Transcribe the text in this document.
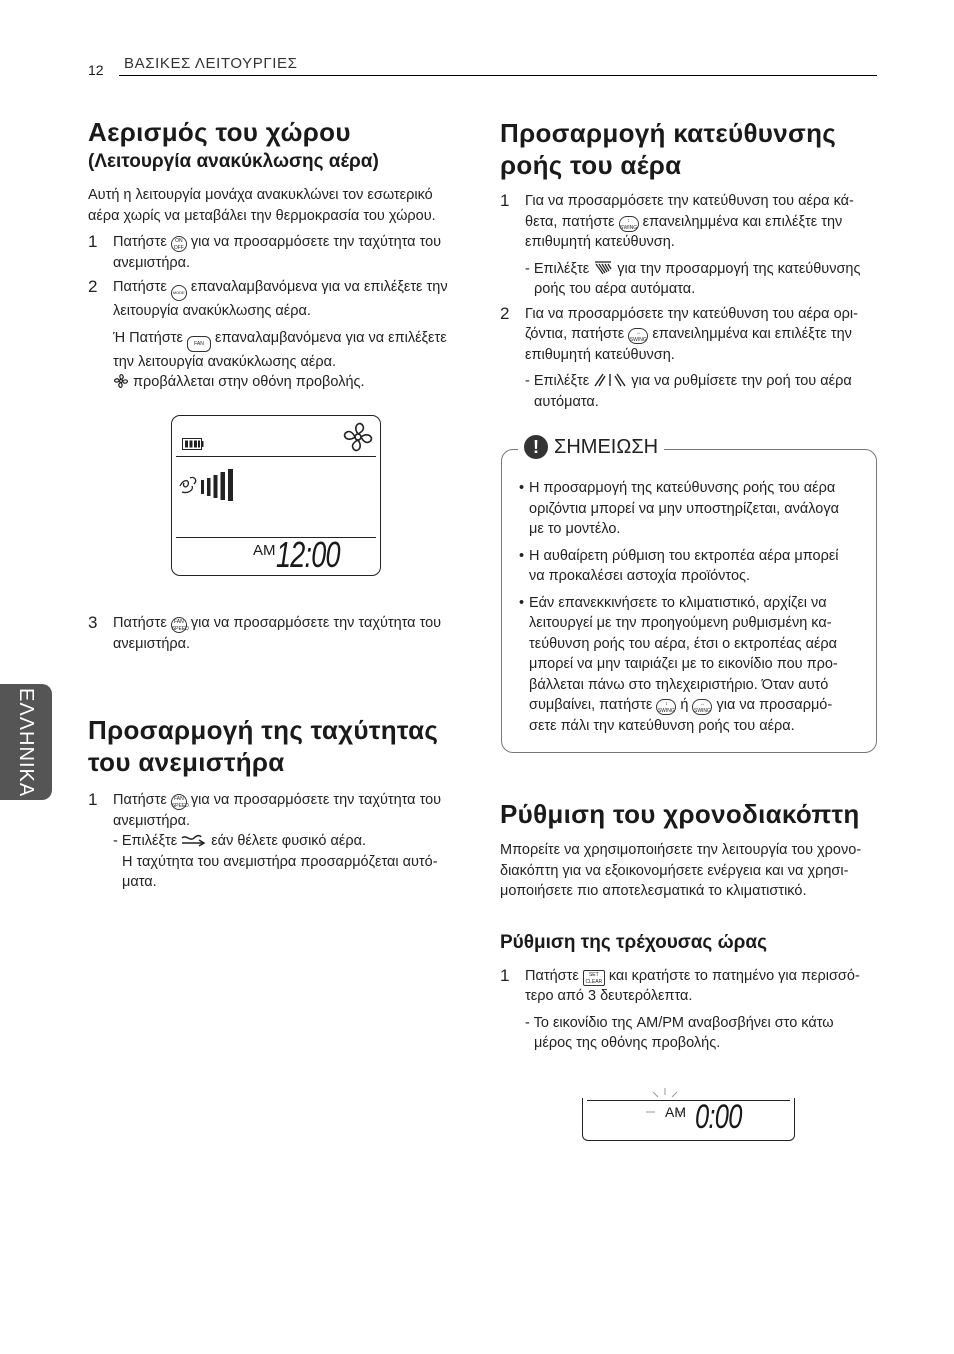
12 ΒΑΣΙΚΕΣ ΛΕΙΤΟΥΡΓΙΕΣ
ΕΛΛΗΝΙΚΑ
Αερισμός του χώρου
(Λειτουργία ανακύκλωσης αέρα)
Αυτή η λειτουργία μονάχα ανακυκλώνει τον εσωτερικό
αέρα χωρίς να μεταβάλει την θερμοκρασία του χώρου.
1 Πατήστε ON
OFF για να προσαρμόσετε την ταχύτητα του
ανεμιστήρα.
2 Πατήστε MODE επαναλαμβανόμενα για να επιλέξετε την
λειτουργία ανακύκλωσης αέρα.
Ή Πατήστε FAN επαναλαμβανόμενα για να επιλέξετε
την λειτουργία ανακύκλωσης αέρα.
προβάλλεται στην οθόνη προβολής.
AM 12:00
3 Πατήστε FAN
SPEED για να προσαρμόσετε την ταχύτητα του
ανεμιστήρα.
Προσαρμογή της ταχύτητας
του ανεμιστήρα
1 Πατήστε FAN
SPEED για να προσαρμόσετε την ταχύτητα του
ανεμιστήρα.
- Επιλέξτε εάν θέλετε φυσικό αέρα.
Η ταχύτητα του ανεμιστήρα προσαρμόζεται αυτό-
ματα.
Προσαρμογή κατεύθυνσης
ροής του αέρα
1 Για να προσαρμόσετε την κατεύθυνση του αέρα κά-
θετα, πατήστε	↕
SWING επανειλημμένα και επιλέξτε την
επιθυμητή κατεύθυνση.
- Επιλέξτε για την προσαρμογή της κατεύθυνσης
ροής του αέρα αυτόματα.
2 Για να προσαρμόσετε την κατεύθυνση του αέρα ορι-
ζόντια, πατήστε ↔
SWING επανειλημμένα και επιλέξτε την
επιθυμητή κατεύθυνση.
- Επιλέξτε	για να ρυθμίσετε την ροή του αέρα
αυτόματα.
! ΣΗΜΕΙΩΣΗ
• Η προσαρμογή της κατεύθυνσης ροής του αέρα
οριζόντια μπορεί να μην υποστηρίζεται, ανάλογα
με το μοντέλο.
• Η αυθαίρετη ρύθμιση του εκτροπέα αέρα μπορεί
να προκαλέσει αστοχία προϊόντος.
• Εάν επανεκκινήσετε το κλιματιστικό, αρχίζει να
λειτουργεί με την προηγούμενη ρυθμισμένη κα-
τεύθυνση ροής του αέρα, έτσι ο εκτροπέας αέρα
μπορεί να μην ταιριάζει με το εικονίδιο που προ-
βάλλεται πάνω στο τηλεχειριστήριο. Όταν αυτό
συμβαίνει, πατήστε	↕
SWING ή ↔
SWING για να προσαρμό-
σετε πάλι την κατεύθυνση ροής του αέρα.
Ρύθμιση του χρονοδιακόπτη
Μπορείτε να χρησιμοποιήσετε την λειτουργία του χρονο-
διακόπτη για να εξοικονομήσετε ενέργεια και να χρησι-
μοποιήσετε πιο αποτελεσματικά το κλιματιστικό.
Ρύθμιση της τρέχουσας ώρας
1 Πατήστε SET
CLEAR και κρατήστε το πατημένο για περισσό-
τερο από 3 δευτερόλεπτα.
- Το εικονίδιο της AM/PM αναβοσβήνει στο κάτω
μέρος της οθόνης προβολής.
AM 0:00
